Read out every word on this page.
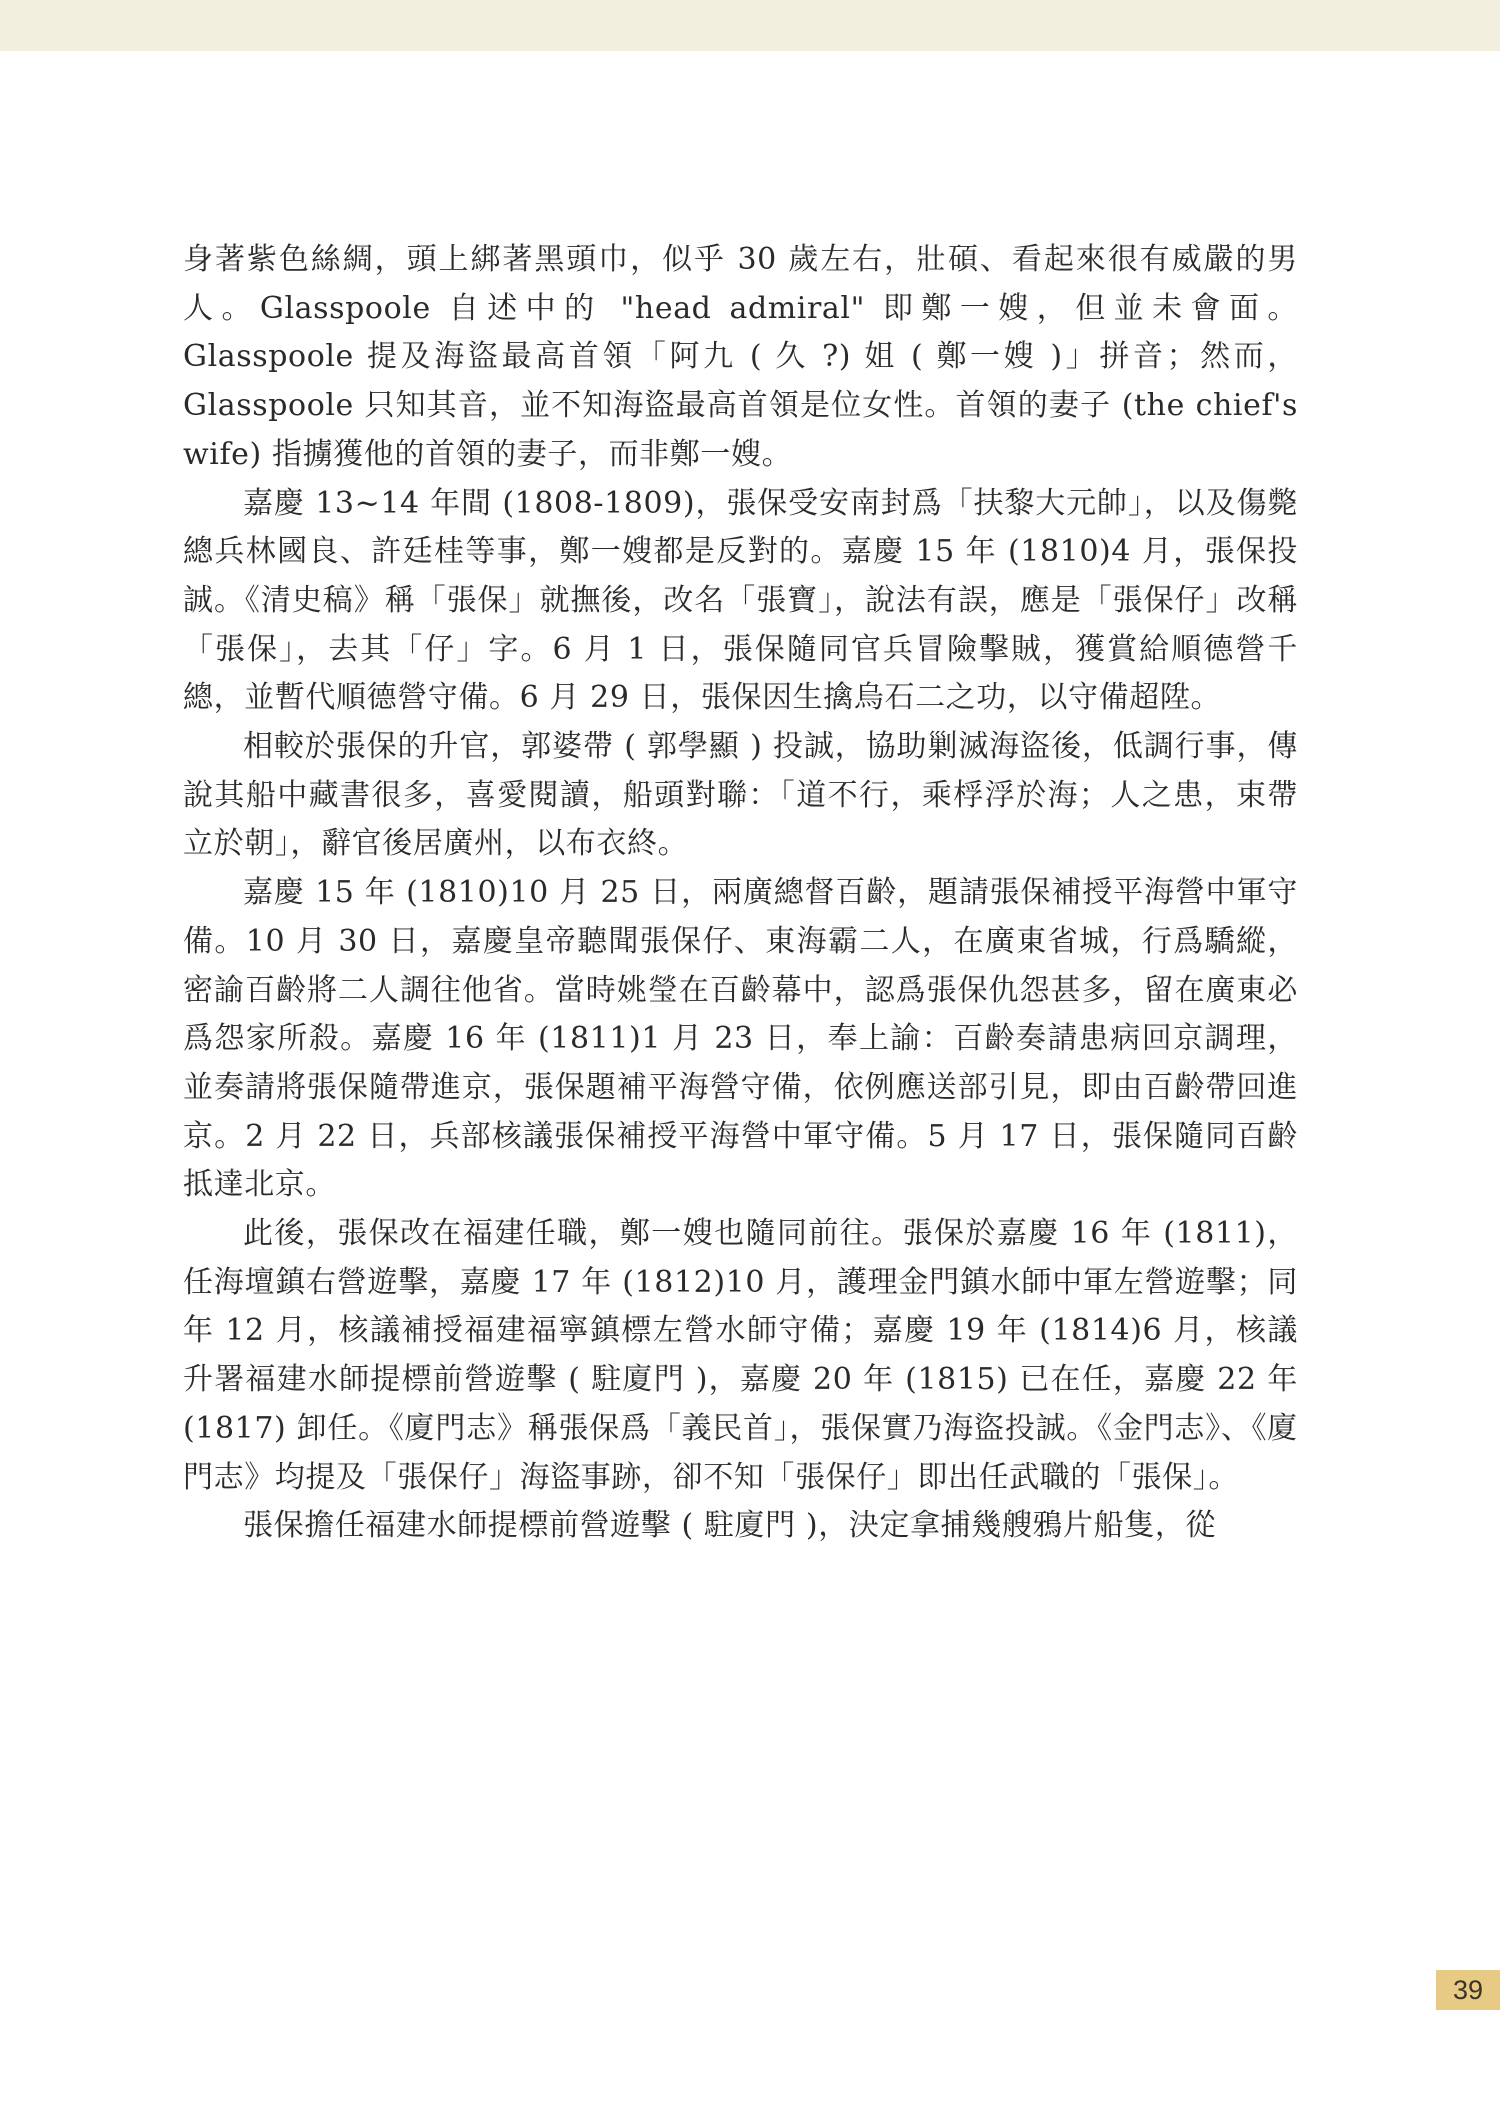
身著紫色絲綢，頭上綁著黑頭巾，似乎 30 歲左右，壯碩、看起來很有威嚴的男人。Glasspoole 自述中的 "head admiral" 即鄭一嫂，但並未會面。Glasspoole 提及海盜最高首領「阿九 ( 久 ?) 姐 ( 鄭一嫂 )」拼音；然而，Glasspoole 只知其音，並不知海盜最高首領是位女性。首領的妻子 (the chief's wife) 指擄獲他的首領的妻子，而非鄭一嫂。

嘉慶 13~14 年間 (1808-1809)，張保受安南封爲「扶黎大元帥」，以及傷斃總兵林國良、許廷桂等事，鄭一嫂都是反對的。嘉慶 15 年 (1810)4 月，張保投誠。《清史稿》稱「張保」就撫後，改名「張寶」，說法有誤，應是「張保仔」改稱「張保」，去其「仔」字。6 月 1 日，張保隨同官兵冒險擊賊，獲賞給順德營千總，並暫代順德營守備。6 月 29 日，張保因生擒烏石二之功，以守備超陞。

相較於張保的升官，郭婆帶 ( 郭學顯 ) 投誠，協助剿滅海盜後，低調行事，傳說其船中藏書很多，喜愛閱讀，船頭對聯：「道不行，乘桴浮於海；人之患，束帶立於朝」，辭官後居廣州，以布衣終。

嘉慶 15 年 (1810)10 月 25 日，兩廣總督百齡，題請張保補授平海營中軍守備。10 月 30 日，嘉慶皇帝聽聞張保仔、東海霸二人，在廣東省城，行爲驕縱，密諭百齡將二人調往他省。當時姚瑩在百齡幕中，認爲張保仇怨甚多，留在廣東必爲怨家所殺。嘉慶 16 年 (1811)1 月 23 日，奉上諭：百齡奏請患病回京調理，並奏請將張保隨帶進京，張保題補平海營守備，依例應送部引見，即由百齡帶回進京。2 月 22 日，兵部核議張保補授平海營中軍守備。5 月 17 日，張保隨同百齡抵達北京。

此後，張保改在福建任職，鄭一嫂也隨同前往。張保於嘉慶 16 年 (1811)，任海壇鎮右營遊擊，嘉慶 17 年 (1812)10 月，護理金門鎮水師中軍左營遊擊；同年 12 月，核議補授福建福寧鎮標左營水師守備；嘉慶 19 年 (1814)6 月，核議升署福建水師提標前營遊擊 ( 駐廈門 )，嘉慶 20 年 (1815) 已在任，嘉慶 22 年 (1817) 卸任。《廈門志》稱張保爲「義民首」，張保實乃海盜投誠。《金門志》、《廈門志》均提及「張保仔」海盜事跡，卻不知「張保仔」即出任武職的「張保」。

張保擔任福建水師提標前營遊擊 ( 駐廈門 )，決定拿捕幾艘鴉片船隻，從

39
